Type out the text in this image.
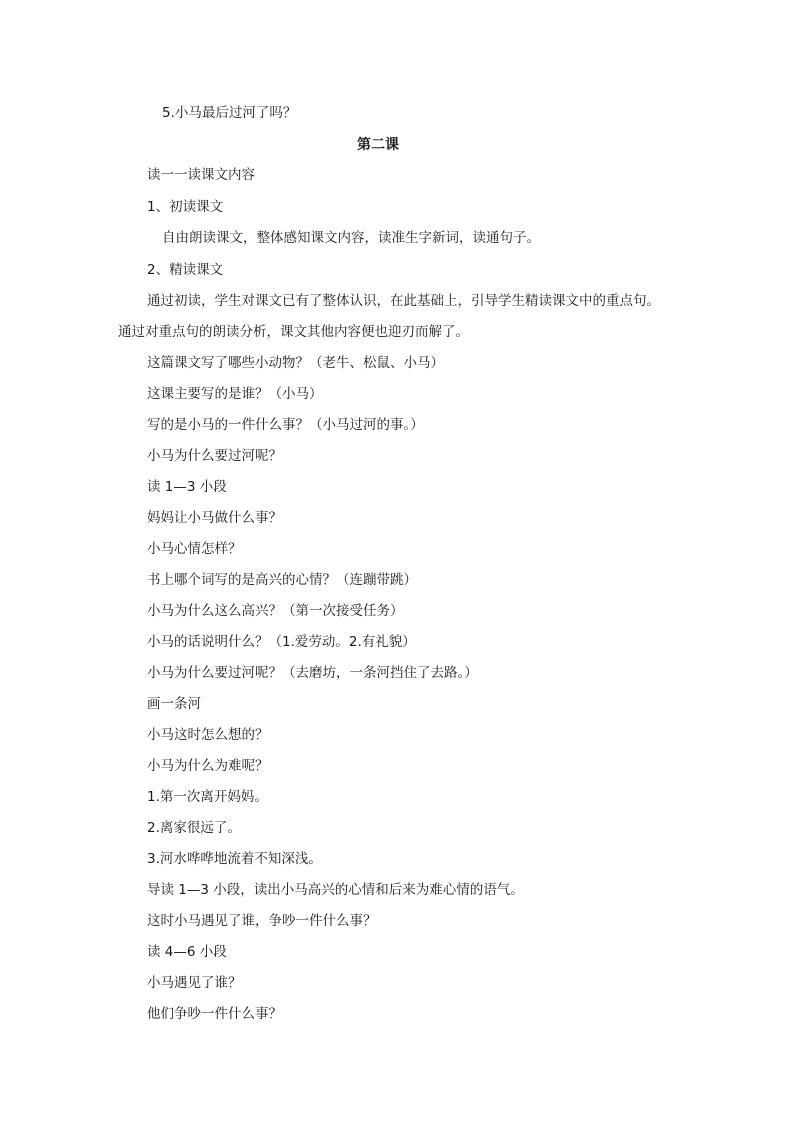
5.小马最后过河了吗？
第二课
读一一读课文内容
1、初读课文
自由朗读课文，整体感知课文内容，读准生字新词，读通句子。
2、精读课文
通过初读，学生对课文已有了整体认识，在此基础上，引导学生精读课文中的重点句。
通过对重点句的朗读分析，课文其他内容便也迎刃而解了。
这篇课文写了哪些小动物？（老牛、松鼠、小马）
这课主要写的是谁？（小马）
写的是小马的一件什么事？（小马过河的事。）
小马为什么要过河呢？
读 1—3 小段
妈妈让小马做什么事？
小马心情怎样？
书上哪个词写的是高兴的心情？（连蹦带跳）
小马为什么这么高兴？（第一次接受任务）
小马的话说明什么？（1.爱劳动。2.有礼貌）
小马为什么要过河呢？（去磨坊，一条河挡住了去路。）
画一条河
小马这时怎么想的？
小马为什么为难呢？
1.第一次离开妈妈。
2.离家很远了。
3.河水哗哗地流着不知深浅。
导读 1—3 小段，读出小马高兴的心情和后来为难心情的语气。
这时小马遇见了谁，争吵一件什么事？
读 4—6 小段
小马遇见了谁？
他们争吵一件什么事？
